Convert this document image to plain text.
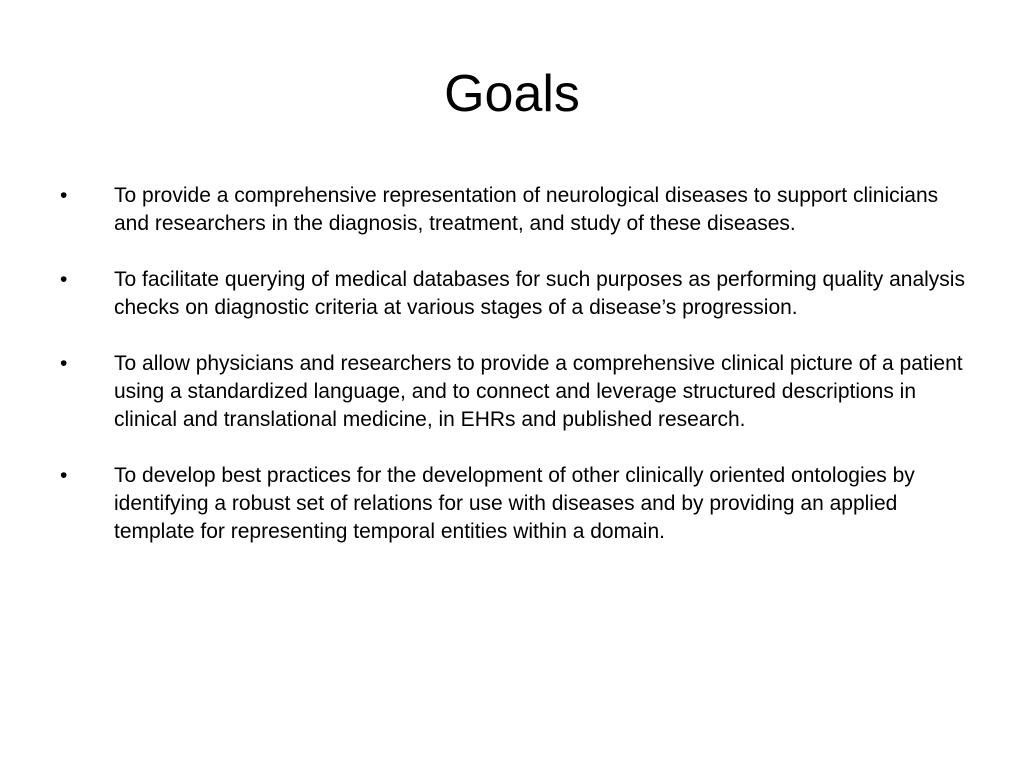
Goals
•	To provide a comprehensive representation of neurological diseases to support clinicians and researchers in the diagnosis, treatment, and study of these diseases.
•	To facilitate querying of medical databases for such purposes as performing quality analysis checks on diagnostic criteria at various stages of a disease’s progression.
•	To allow physicians and researchers to provide a comprehensive clinical picture of a patient using a standardized language, and to connect and leverage structured descriptions in clinical and translational medicine, in EHRs and published research.
•	To develop best practices for the development of other clinically oriented ontologies by identifying a robust set of relations for use with diseases and by providing an applied template for representing temporal entities within a domain.
